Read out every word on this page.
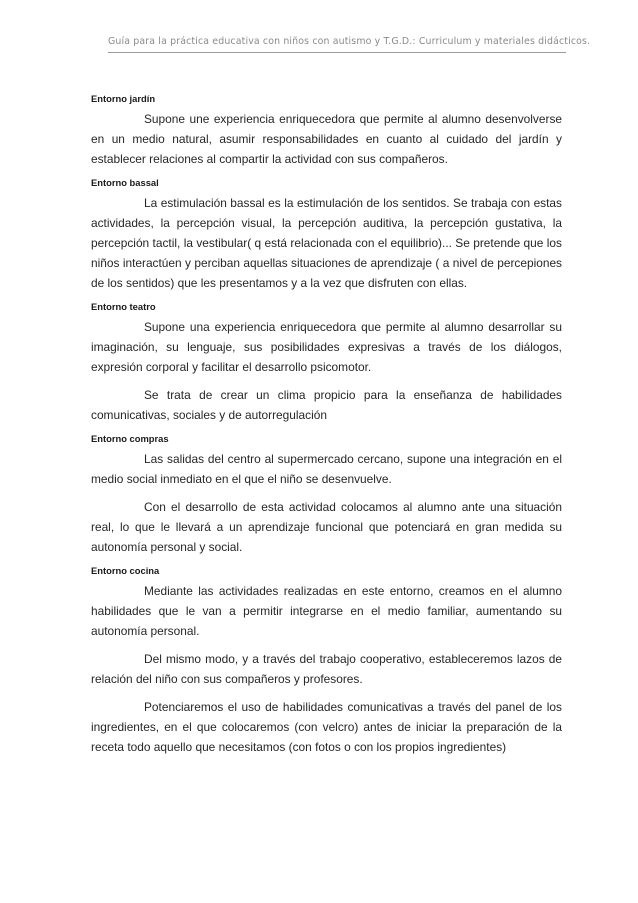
Guía para la práctica educativa con niños con autismo y T.G.D.: Curriculum y materiales didácticos.
Entorno jardín

Supone une experiencia enriquecedora que permite al alumno desenvolverse en un medio natural, asumir responsabilidades en cuanto al cuidado del jardín y establecer relaciones al compartir la actividad con sus compañeros.

Entorno bassal

La estimulación bassal es la estimulación de los sentidos. Se trabaja con estas actividades, la percepción visual, la percepción auditiva, la percepción gustativa, la percepción tactil, la vestibular( q está relacionada con el equilibrio)... Se pretende que los niños interactúen y perciban aquellas situaciones de aprendizaje ( a nivel de percepiones de los sentidos) que les presentamos y a la vez que disfruten con ellas.

Entorno teatro

Supone una experiencia enriquecedora que permite al alumno desarrollar su imaginación, su lenguaje, sus posibilidades expresivas a través de los diálogos, expresión corporal y facilitar el desarrollo psicomotor.

Se trata de crear un clima propicio para la enseñanza de habilidades comunicativas, sociales y de autorregulación

Entorno compras

Las salidas del centro al supermercado cercano, supone una integración en el medio social inmediato en el que el niño se desenvuelve.

Con el desarrollo de esta actividad colocamos al alumno ante una situación real, lo que le llevará a un aprendizaje funcional que potenciará en gran medida su autonomía personal y social.

Entorno cocina

Mediante las actividades realizadas en este entorno, creamos en el alumno habilidades que le van a permitir integrarse en el medio familiar, aumentando su autonomía personal.

Del mismo modo, y a través del trabajo cooperativo, estableceremos lazos de relación del niño con sus compañeros y profesores.

Potenciaremos el uso de habilidades comunicativas a través del panel de los ingredientes, en el que colocaremos (con velcro) antes de iniciar la preparación de la receta todo aquello que necesitamos (con fotos o con los propios ingredientes)
